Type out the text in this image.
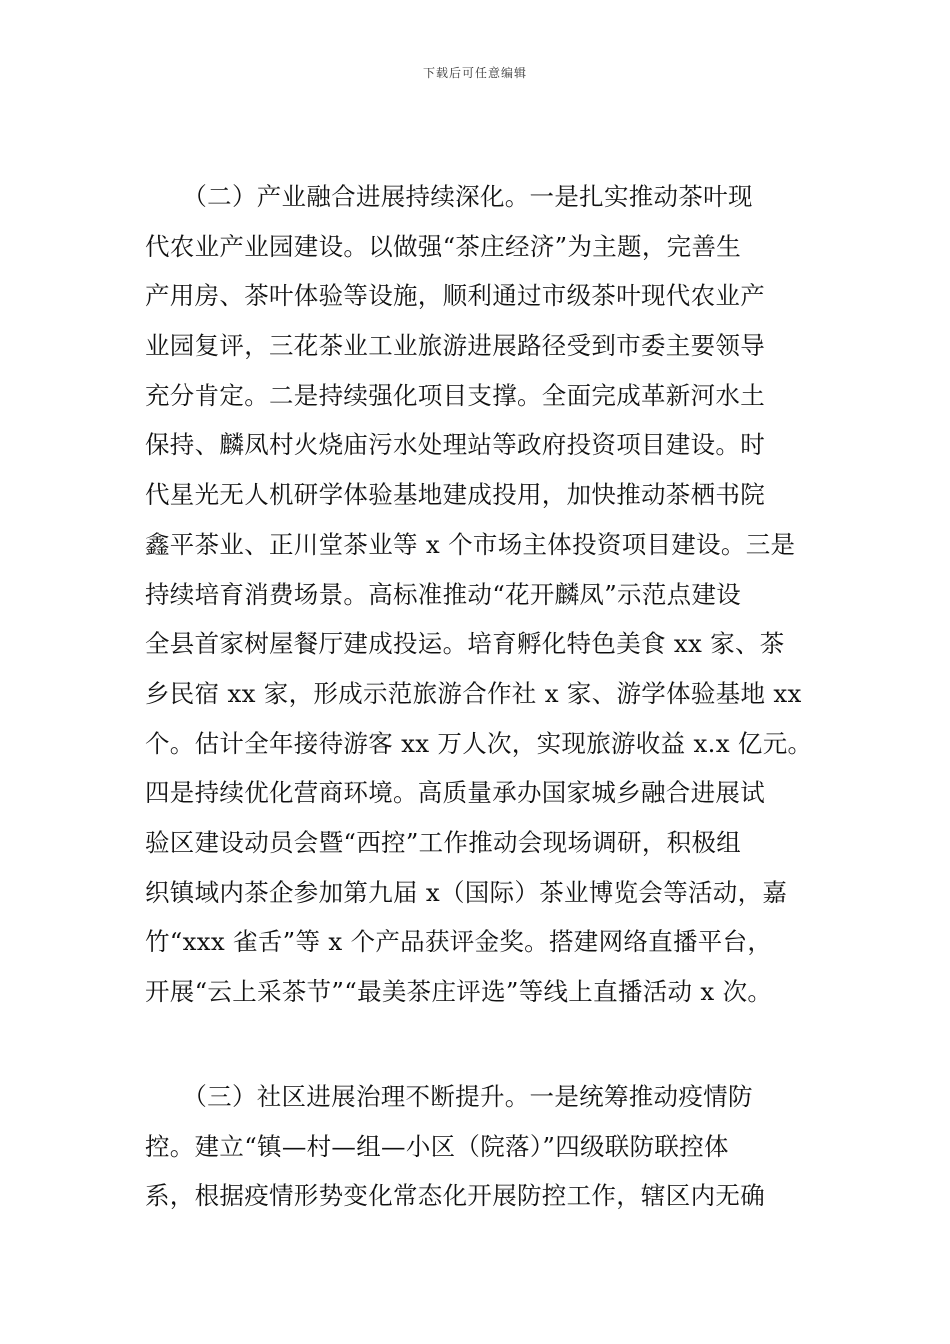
下载后可任意编辑
　　（二）产业融合进展持续深化。一是扎实推动茶叶现
代农业产业园建设。以做强“茶庄经济”为主题，完善生
产用房、茶叶体验等设施，顺利通过市级茶叶现代农业产
业园复评，三花茶业工业旅游进展路径受到市委主要领导
充分肯定。二是持续强化项目支撑。全面完成革新河水土
保持、麟凤村火烧庙污水处理站等政府投资项目建设。时
代星光无人机研学体验基地建成投用，加快推动茶栖书院
鑫平茶业、正川堂茶业等 x 个市场主体投资项目建设。三是
持续培育消费场景。高标准推动“花开麟凤”示范点建设
全县首家树屋餐厅建成投运。培育孵化特色美食 xx 家、茶
乡民宿 xx 家，形成示范旅游合作社 x 家、游学体验基地 xx
个。估计全年接待游客 xx 万人次，实现旅游收益 x.x 亿元。
四是持续优化营商环境。高质量承办国家城乡融合进展试
验区建设动员会暨“西控”工作推动会现场调研，积极组
织镇域内茶企参加第九届 x（国际）茶业博览会等活动，嘉
竹“xxx 雀舌”等 x 个产品获评金奖。搭建网络直播平台，
开展“云上采茶节”“最美茶庄评选”等线上直播活动 x 次。
　　（三）社区进展治理不断提升。一是统筹推动疫情防
控。建立“镇—村—组—小区（院落）”四级联防联控体
系，根据疫情形势变化常态化开展防控工作，辖区内无确
